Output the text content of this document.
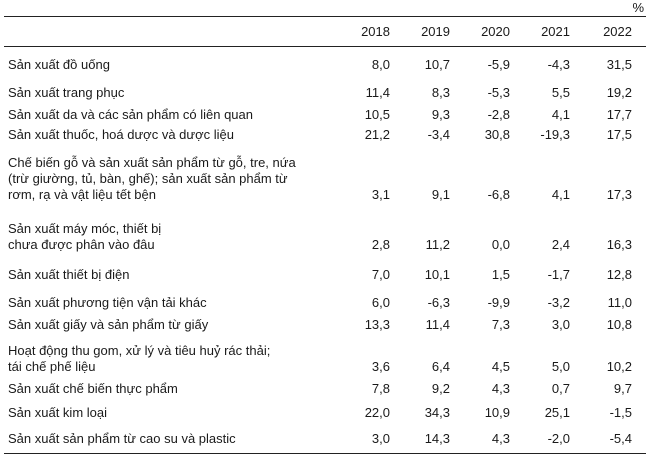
%
2018	2019	2020	2021	2022
Sản xuất đồ uống	8,0	10,7	-5,9	-4,3	31,5
Sản xuất trang phục	11,4	8,3	-5,3	5,5	19,2
Sản xuất da và các sản phẩm có liên quan	10,5	9,3	-2,8	4,1	17,7
Sản xuất thuốc, hoá dược và dược liệu	21,2	-3,4	30,8	-19,3	17,5
Chế biến gỗ và sản xuất sản phẩm từ gỗ, tre, nứa
(trừ giường, tủ, bàn, ghế); sản xuất sản phẩm từ
rơm, rạ và vật liệu tết bện	3,1	9,1	-6,8	4,1	17,3
Sản xuất máy móc, thiết bị
chưa được phân vào đâu	2,8	11,2	0,0	2,4	16,3
Sản xuất thiết bị điện	7,0	10,1	1,5	-1,7	12,8
Sản xuất phương tiện vận tải khác	6,0	-6,3	-9,9	-3,2	11,0
Sản xuất giấy và sản phẩm từ giấy	13,3	11,4	7,3	3,0	10,8
Hoạt động thu gom, xử lý và tiêu huỷ rác thải;
tái chế phế liệu	3,6	6,4	4,5	5,0	10,2
Sản xuất chế biến thực phẩm	7,8	9,2	4,3	0,7	9,7
Sản xuất kim loại	22,0	34,3	10,9	25,1	-1,5
Sản xuất sản phẩm từ cao su và plastic	3,0	14,3	4,3	-2,0	-5,4
